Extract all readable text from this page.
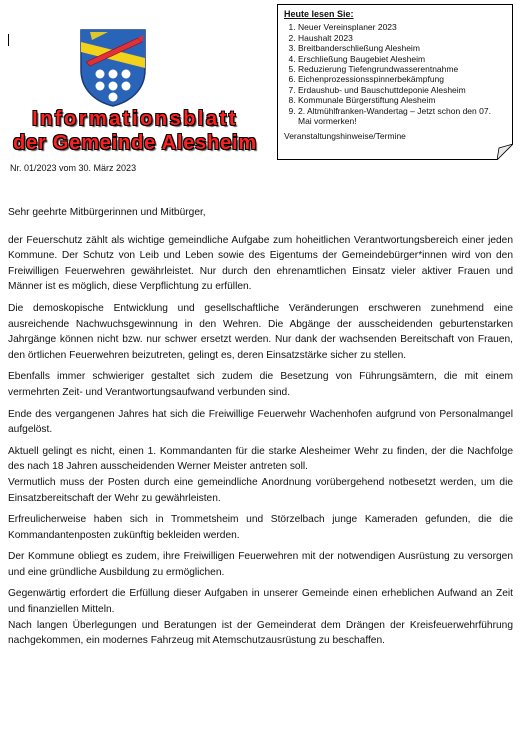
Informationsblatt
der Gemeinde Alesheim
Nr. 01/2023 vom 30. März 2023
Heute lesen Sie:
1. Neuer Vereinsplaner 2023
2. Haushalt 2023
3. Breitbanderschließung Alesheim
4. Erschließung Baugebiet Alesheim
5. Reduzierung Tiefengrundwasserentnahme
6. Eichenprozessionsspinnerbekämpfung
7. Erdaushub- und Bauschuttdeponie Alesheim
8. Kommunale Bürgerstiftung Alesheim
9. 2. Altmühlfranken-Wandertag – Jetzt schon den 07. Mai vormerken!
Veranstaltungshinweise/Termine

Sehr geehrte Mitbürgerinnen und Mitbürger,

der Feuerschutz zählt als wichtige gemeindliche Aufgabe zum hoheitlichen Verantwortungsbereich einer jeden Kommune. Der Schutz von Leib und Leben sowie des Eigentums der Gemeindebürger*innen wird von den Freiwilligen Feuerwehren gewährleistet. Nur durch den ehrenamtlichen Einsatz vieler aktiver Frauen und Männer ist es möglich, diese Verpflichtung zu erfüllen.

Die demoskopische Entwicklung und gesellschaftliche Veränderungen erschweren zunehmend eine ausreichende Nachwuchsgewinnung in den Wehren. Die Abgänge der ausscheidenden geburtenstarken Jahrgänge können nicht bzw. nur schwer ersetzt werden. Nur dank der wachsenden Bereitschaft von Frauen, den örtlichen Feuerwehren beizutreten, gelingt es, deren Einsatzstärke sicher zu stellen.

Ebenfalls immer schwieriger gestaltet sich zudem die Besetzung von Führungsämtern, die mit einem vermehrten Zeit- und Verantwortungsaufwand verbunden sind.

Ende des vergangenen Jahres hat sich die Freiwillige Feuerwehr Wachenhofen aufgrund von Personalmangel aufgelöst.

Aktuell gelingt es nicht, einen 1. Kommandanten für die starke Alesheimer Wehr zu finden, der die Nachfolge des nach 18 Jahren ausscheidenden Werner Meister antreten soll.

Vermutlich muss der Posten durch eine gemeindliche Anordnung vorübergehend notbesetzt werden, um die Einsatzbereitschaft der Wehr zu gewährleisten.

Erfreulicherweise haben sich in Trommetsheim und Störzelbach junge Kameraden gefunden, die die Kommandantenposten zukünftig bekleiden werden.

Der Kommune obliegt es zudem, ihre Freiwilligen Feuerwehren mit der notwendigen Ausrüstung zu versorgen und eine gründliche Ausbildung zu ermöglichen.

Gegenwärtig erfordert die Erfüllung dieser Aufgaben in unserer Gemeinde einen erheblichen Aufwand an Zeit und finanziellen Mitteln.

Nach langen Überlegungen und Beratungen ist der Gemeinderat dem Drängen der Kreisfeuerwehrführung nachgekommen, ein modernes Fahrzeug mit Atemschutzausrüstung zu beschaffen.
